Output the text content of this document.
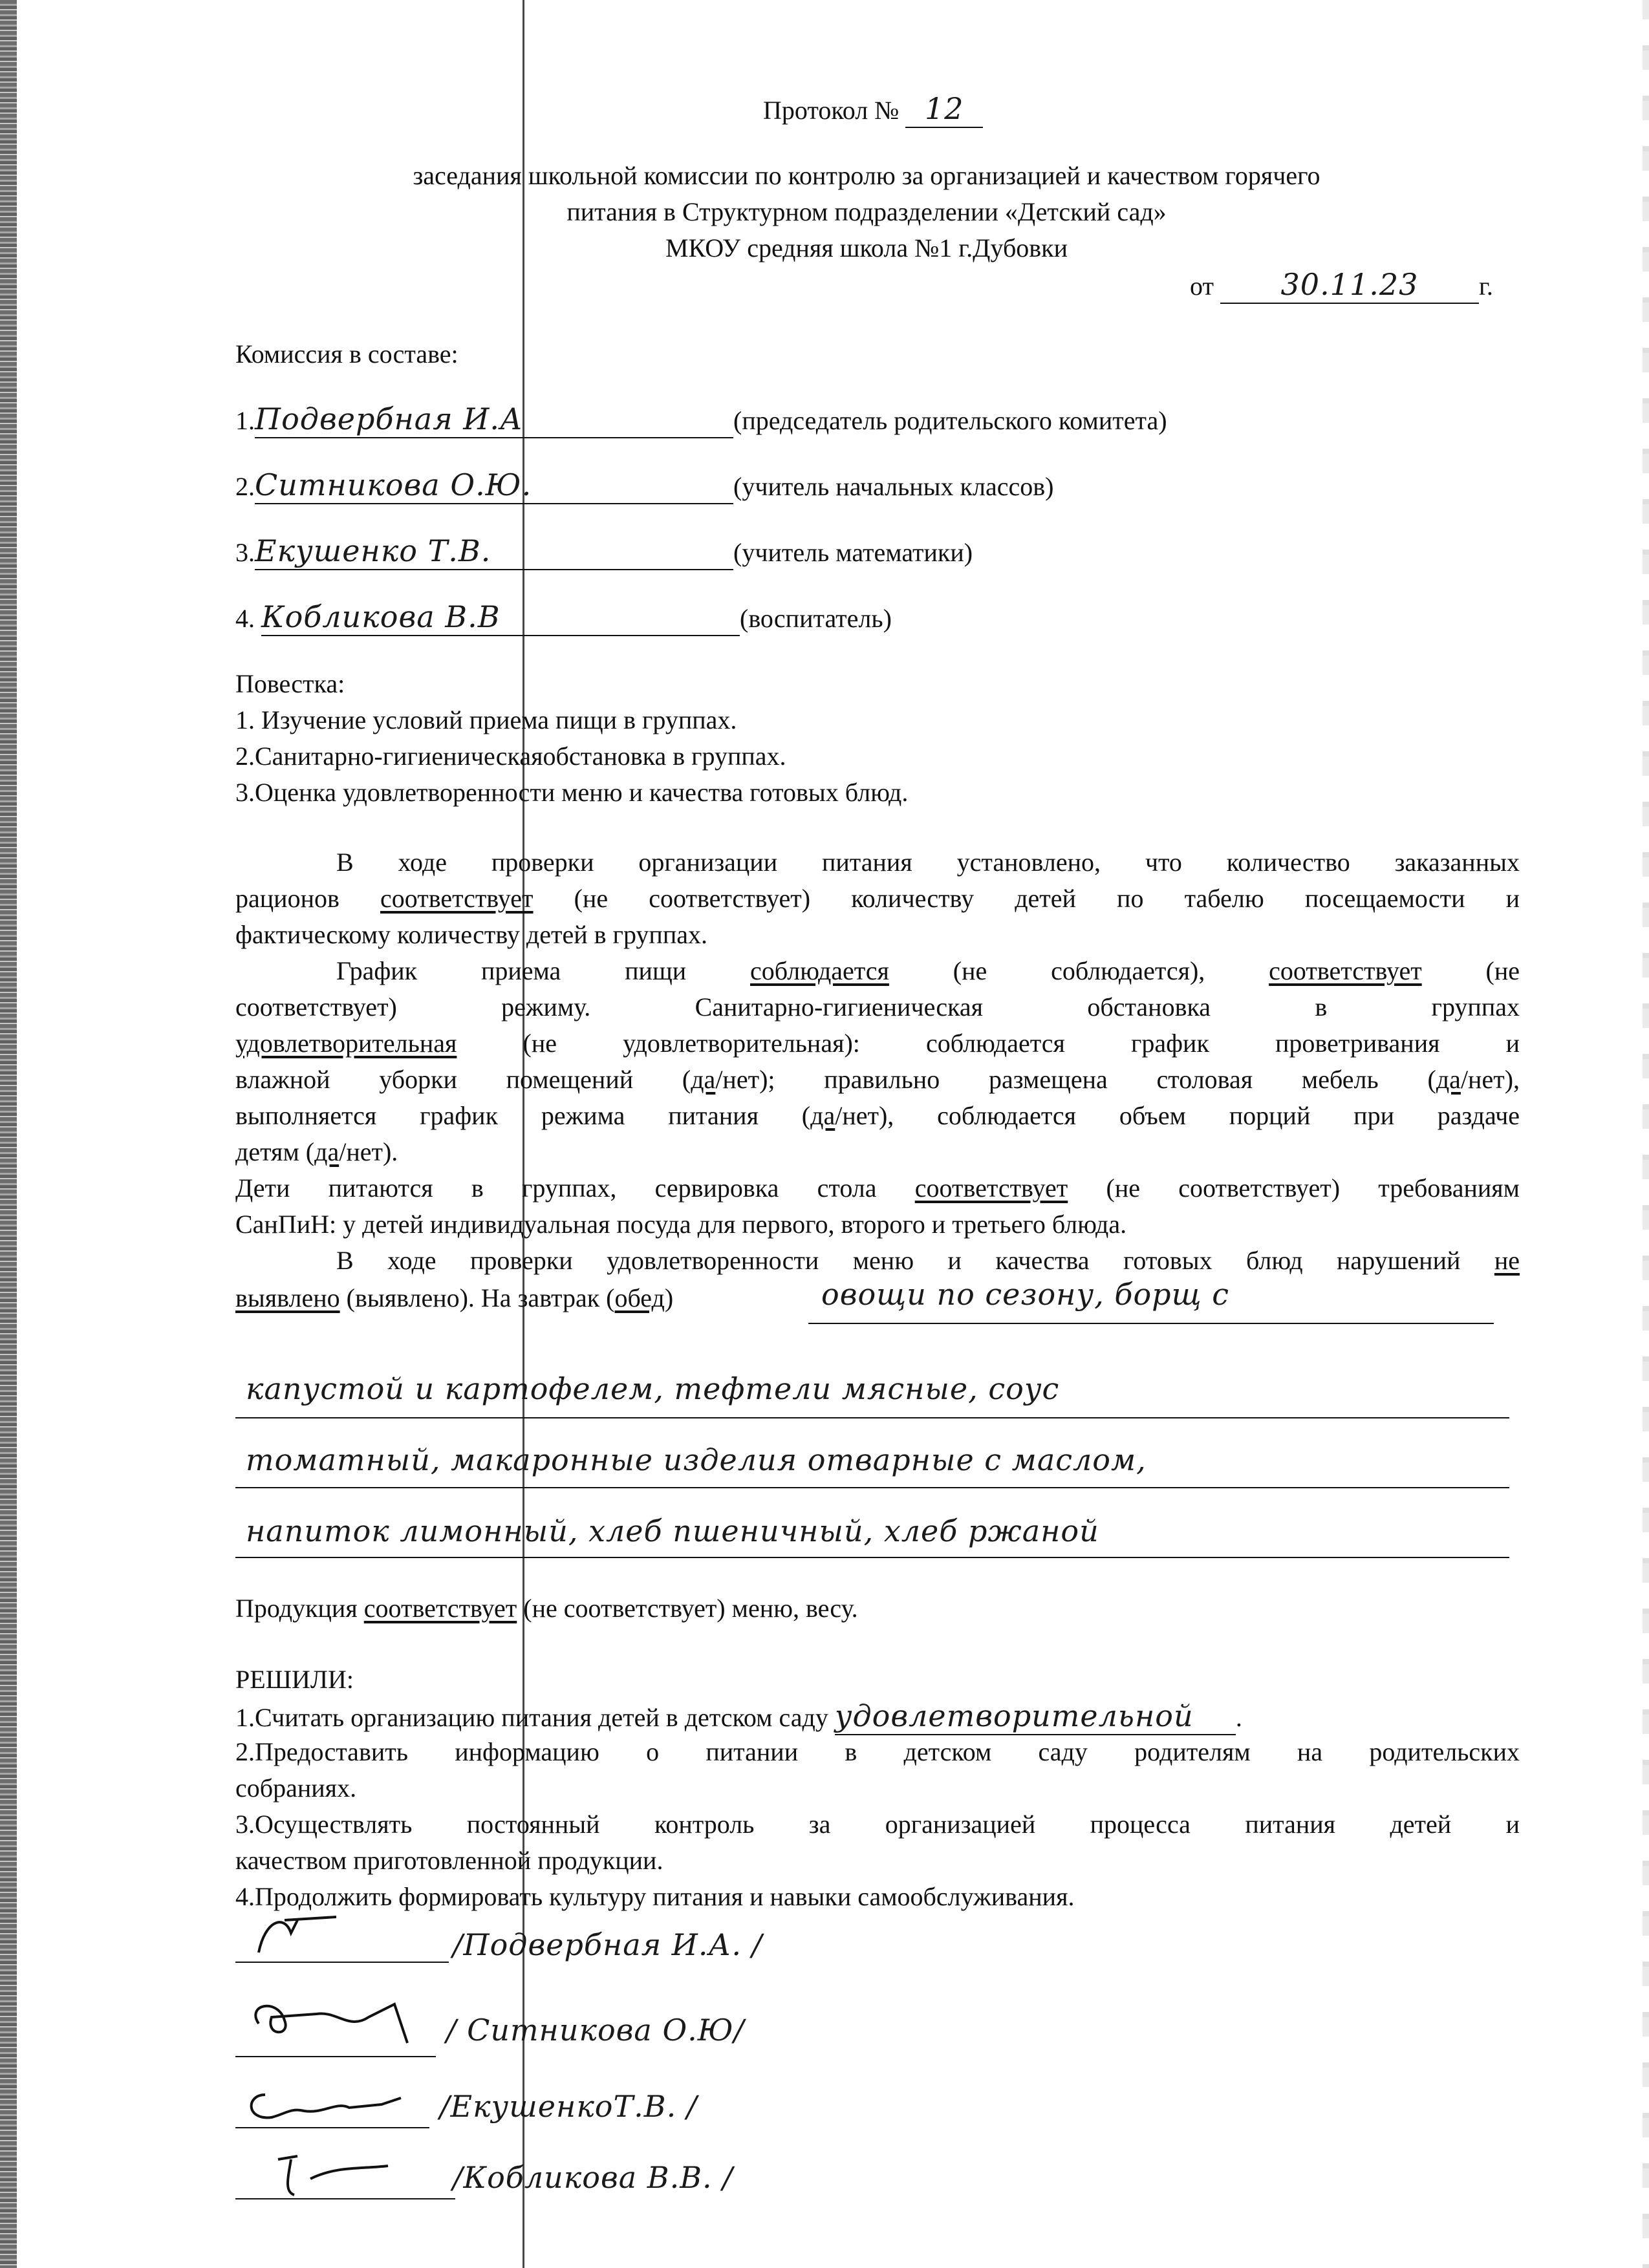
Протокол № 12
заседания школьной комиссии по контролю за организацией и качеством горячего
питания в Структурном подразделении «Детский сад»
МКОУ средняя школа №1 г.Дубовки
от 30.11.23 г.
Комиссия в составе:
1.Подвербная И.А	(председатель родительского комитета)
2.Ситникова О.Ю.	(учитель начальных классов)
3.Екушенко Т.В.	(учитель математики)
4. Кобликова В.В	(воспитатель)
Повестка:
1. Изучение условий приема пищи в группах.
2.Санитарно-гигиеническаяобстановка в группах.
3.Оценка удовлетворенности меню и качества готовых блюд.
В ходе проверки организации питания установлено, что количество заказанных
рационов соответствует (не соответствует) количеству детей по табелю посещаемости и
фактическому количеству детей в группах.
График приема пищи соблюдается (не соблюдается), соответствует (не
соответствует) режиму. Санитарно-гигиеническая обстановка в группах
удовлетворительная (не удовлетворительная): соблюдается график проветривания и
влажной уборки помещений (да/нет); правильно размещена столовая мебель (да/нет),
выполняется график режима питания (да/нет), соблюдается объем порций при раздаче
детям (да/нет).
Дети питаются в группах, сервировка стола соответствует (не соответствует) требованиям
СанПиН: у детей индивидуальная посуда для первого, второго и третьего блюда.
В ходе проверки удовлетворенности меню и качества готовых блюд нарушений не
выявлено (выявлено). На завтрак (обед)	овощи по сезону, борщ с
капустой и картофелем, тефтели мясные, соус
томатный, макаронные изделия отварные с маслом,
напиток лимонный, хлеб пшеничный, хлеб ржаной
Продукция соответствует (не соответствует) меню, весу.
РЕШИЛИ:
1.Считать организацию питания детей в детском саду удовлетворительной .
2.Предоставить информацию о питании в детском саду родителям на родительских
собраниях.
3.Осуществлять постоянный контроль за организацией процесса питания детей и
качеством приготовленной продукции.
4.Продолжить формировать культуру питания и навыки самообслуживания.
/Подвербная И.А. /
/ Ситникова О.Ю/
/ЕкушенкоТ.В. /
/Кобликова В.В. /
